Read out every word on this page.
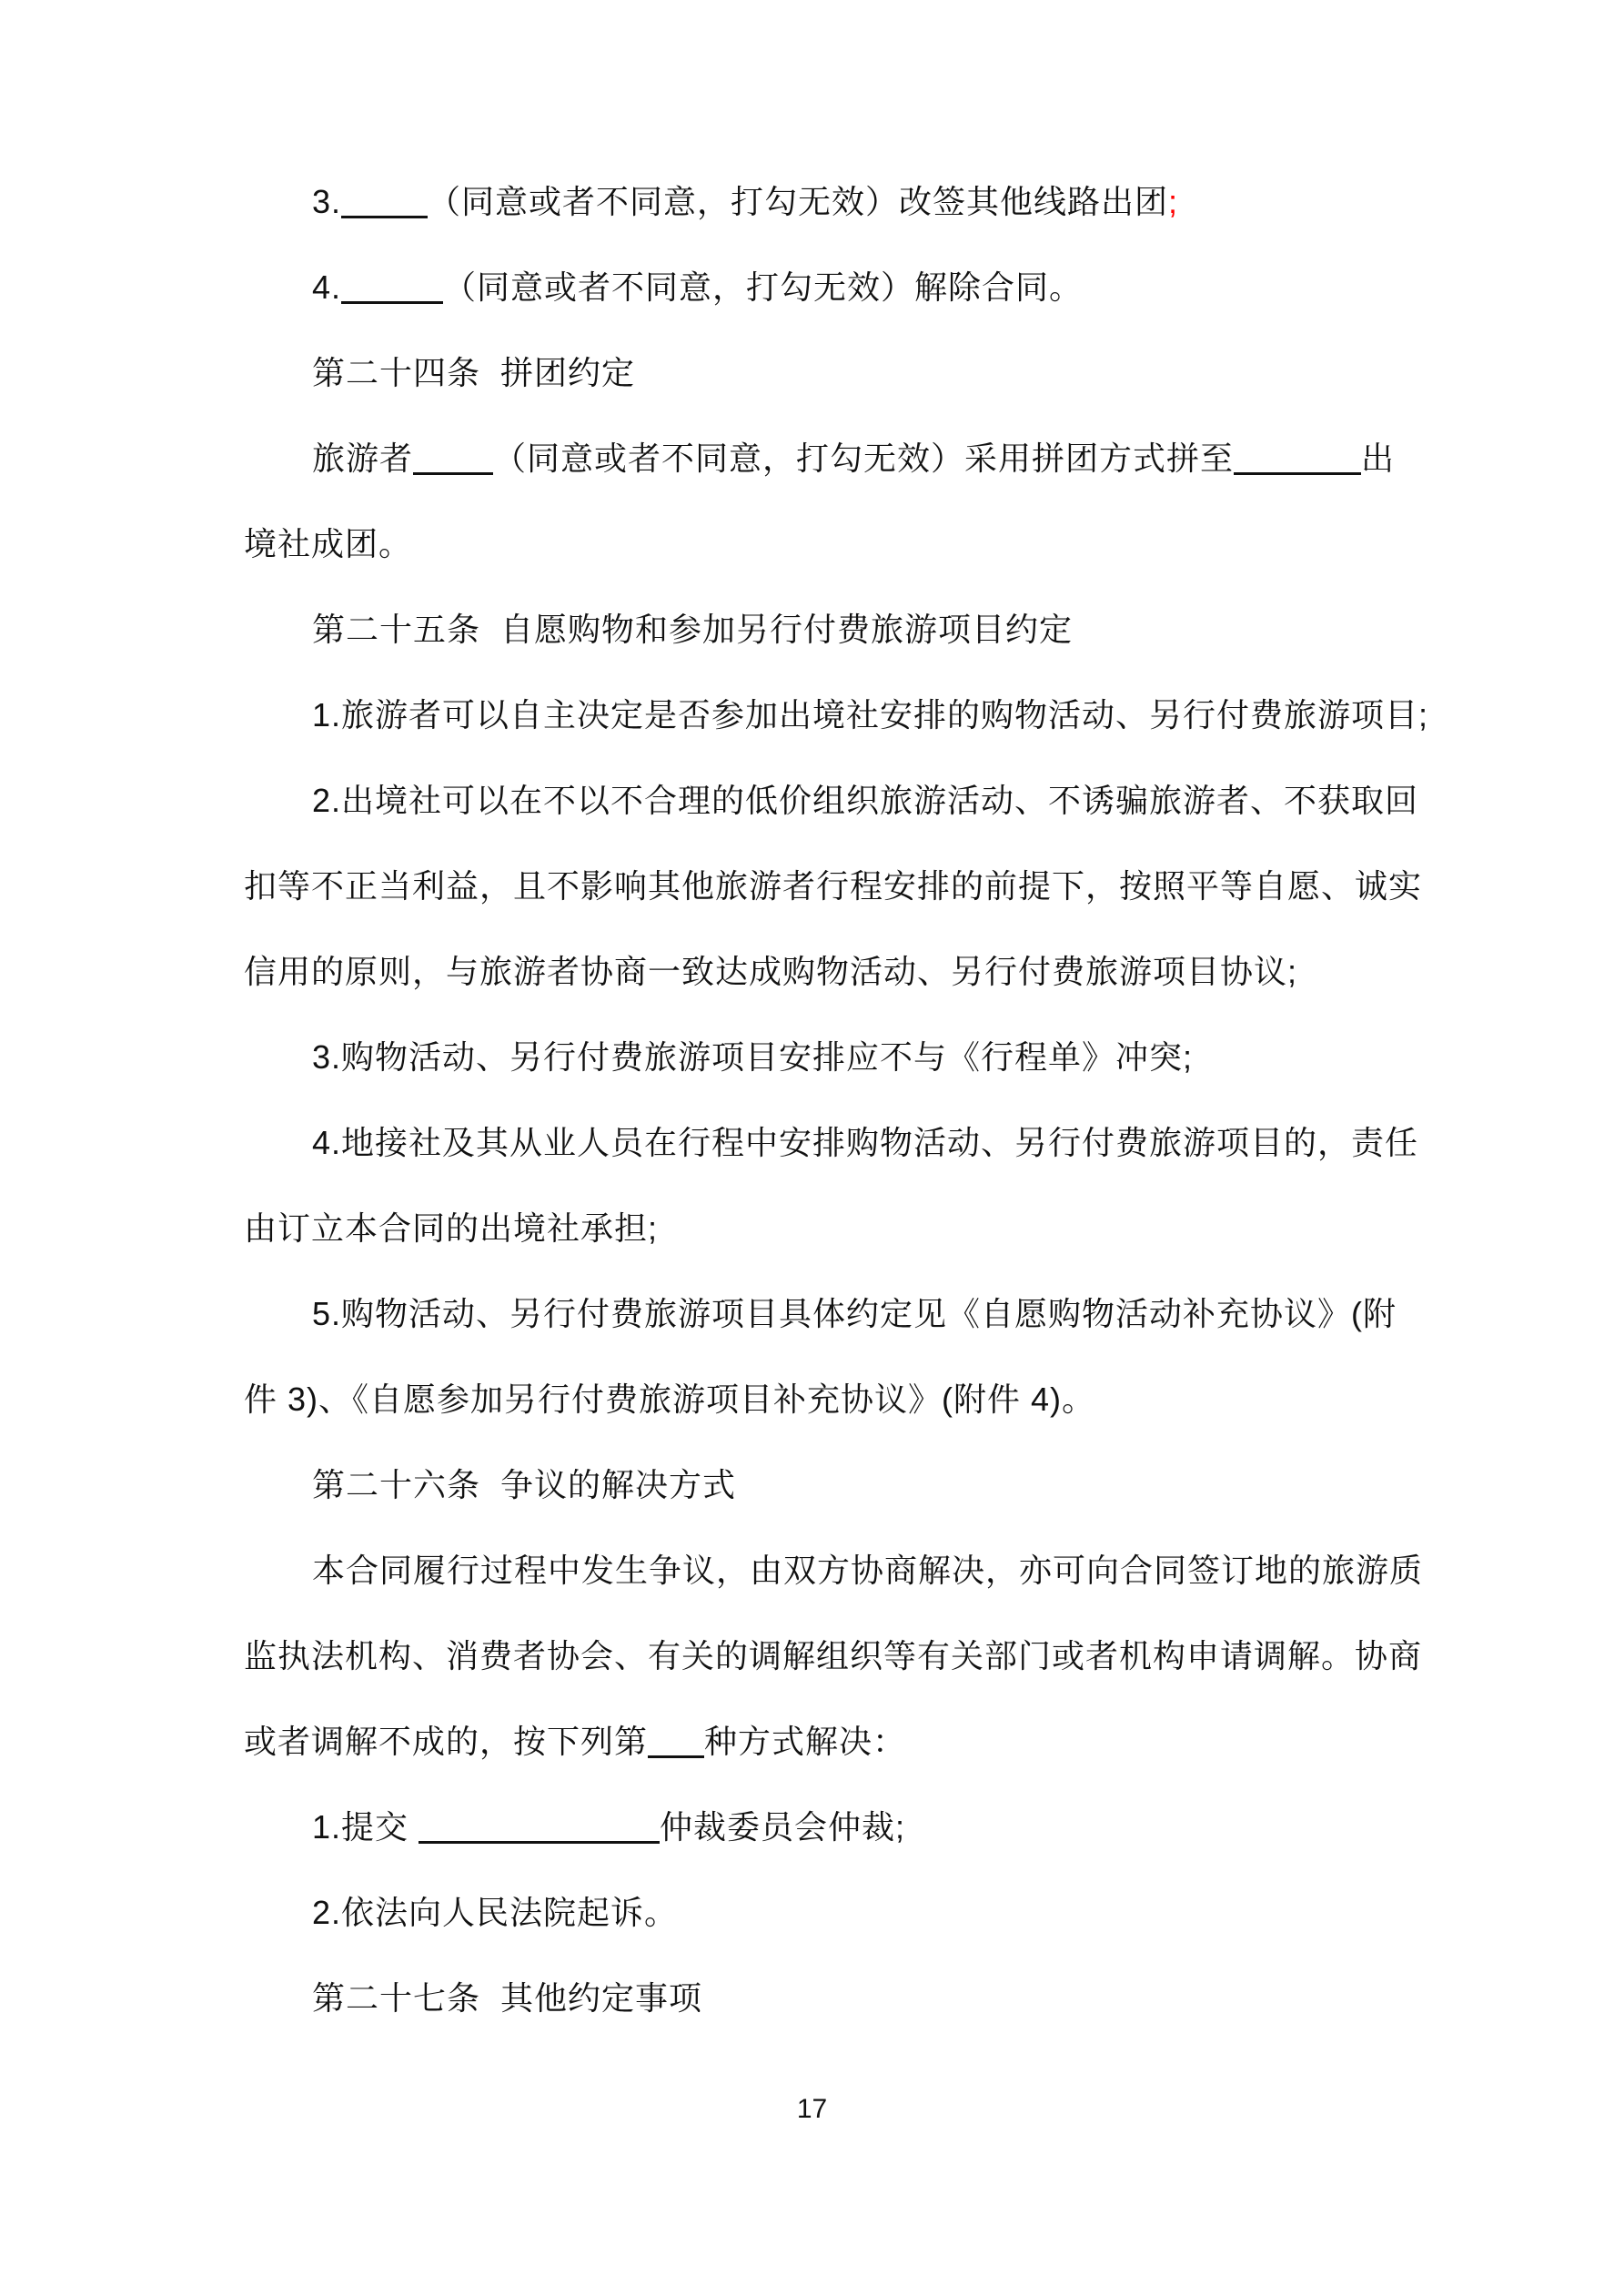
3.	（同意或者不同意，打勾无效）改签其他线路出团;
4.	（同意或者不同意，打勾无效）解除合同。
第二十四条  拼团约定
旅游者 （同意或者不同意，打勾无效）采用拼团方式拼至	出
境社成团。
第二十五条  自愿购物和参加另行付费旅游项目约定
1.旅游者可以自主决定是否参加出境社安排的购物活动、另行付费旅游项目;
2.出境社可以在不以不合理的低价组织旅游活动、不诱骗旅游者、不获取回
扣等不正当利益，且不影响其他旅游者行程安排的前提下，按照平等自愿、诚实
信用的原则，与旅游者协商一致达成购物活动、另行付费旅游项目协议;
3.购物活动、另行付费旅游项目安排应不与《行程单》冲突;
4.地接社及其从业人员在行程中安排购物活动、另行付费旅游项目的，责任
由订立本合同的出境社承担;
5.购物活动、另行付费旅游项目具体约定见《自愿购物活动补充协议》(附
件 3)、《自愿参加另行付费旅游项目补充协议》(附件 4)。
第二十六条  争议的解决方式
本合同履行过程中发生争议，由双方协商解决，亦可向合同签订地的旅游质
监执法机构、消费者协会、有关的调解组织等有关部门或者机构申请调解。协商
或者调解不成的，按下列第 种方式解决：
1.提交	仲裁委员会仲裁;
2.依法向人民法院起诉。
第二十七条  其他约定事项
17
